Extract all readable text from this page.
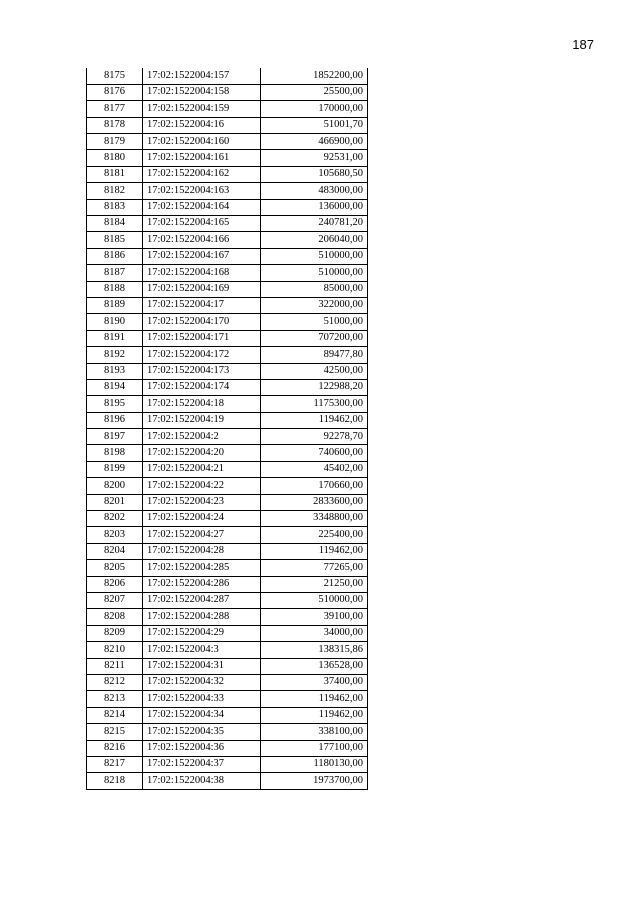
187
8175	17:02:1522004:157	1852200,00
8176	17:02:1522004:158	25500,00
8177	17:02:1522004:159	170000,00
8178	17:02:1522004:16	51001,70
8179	17:02:1522004:160	466900,00
8180	17:02:1522004:161	92531,00
8181	17:02:1522004:162	105680,50
8182	17:02:1522004:163	483000,00
8183	17:02:1522004:164	136000,00
8184	17:02:1522004:165	240781,20
8185	17:02:1522004:166	206040,00
8186	17:02:1522004:167	510000,00
8187	17:02:1522004:168	510000,00
8188	17:02:1522004:169	85000,00
8189	17:02:1522004:17	322000,00
8190	17:02:1522004:170	51000,00
8191	17:02:1522004:171	707200,00
8192	17:02:1522004:172	89477,80
8193	17:02:1522004:173	42500,00
8194	17:02:1522004:174	122988,20
8195	17:02:1522004:18	1175300,00
8196	17:02:1522004:19	119462,00
8197	17:02:1522004:2	92278,70
8198	17:02:1522004:20	740600,00
8199	17:02:1522004:21	45402,00
8200	17:02:1522004:22	170660,00
8201	17:02:1522004:23	2833600,00
8202	17:02:1522004:24	3348800,00
8203	17:02:1522004:27	225400,00
8204	17:02:1522004:28	119462,00
8205	17:02:1522004:285	77265,00
8206	17:02:1522004:286	21250,00
8207	17:02:1522004:287	510000,00
8208	17:02:1522004:288	39100,00
8209	17:02:1522004:29	34000,00
8210	17:02:1522004:3	138315,86
8211	17:02:1522004:31	136528,00
8212	17:02:1522004:32	37400,00
8213	17:02:1522004:33	119462,00
8214	17:02:1522004:34	119462,00
8215	17:02:1522004:35	338100,00
8216	17:02:1522004:36	177100,00
8217	17:02:1522004:37	1180130,00
8218	17:02:1522004:38	1973700,00
